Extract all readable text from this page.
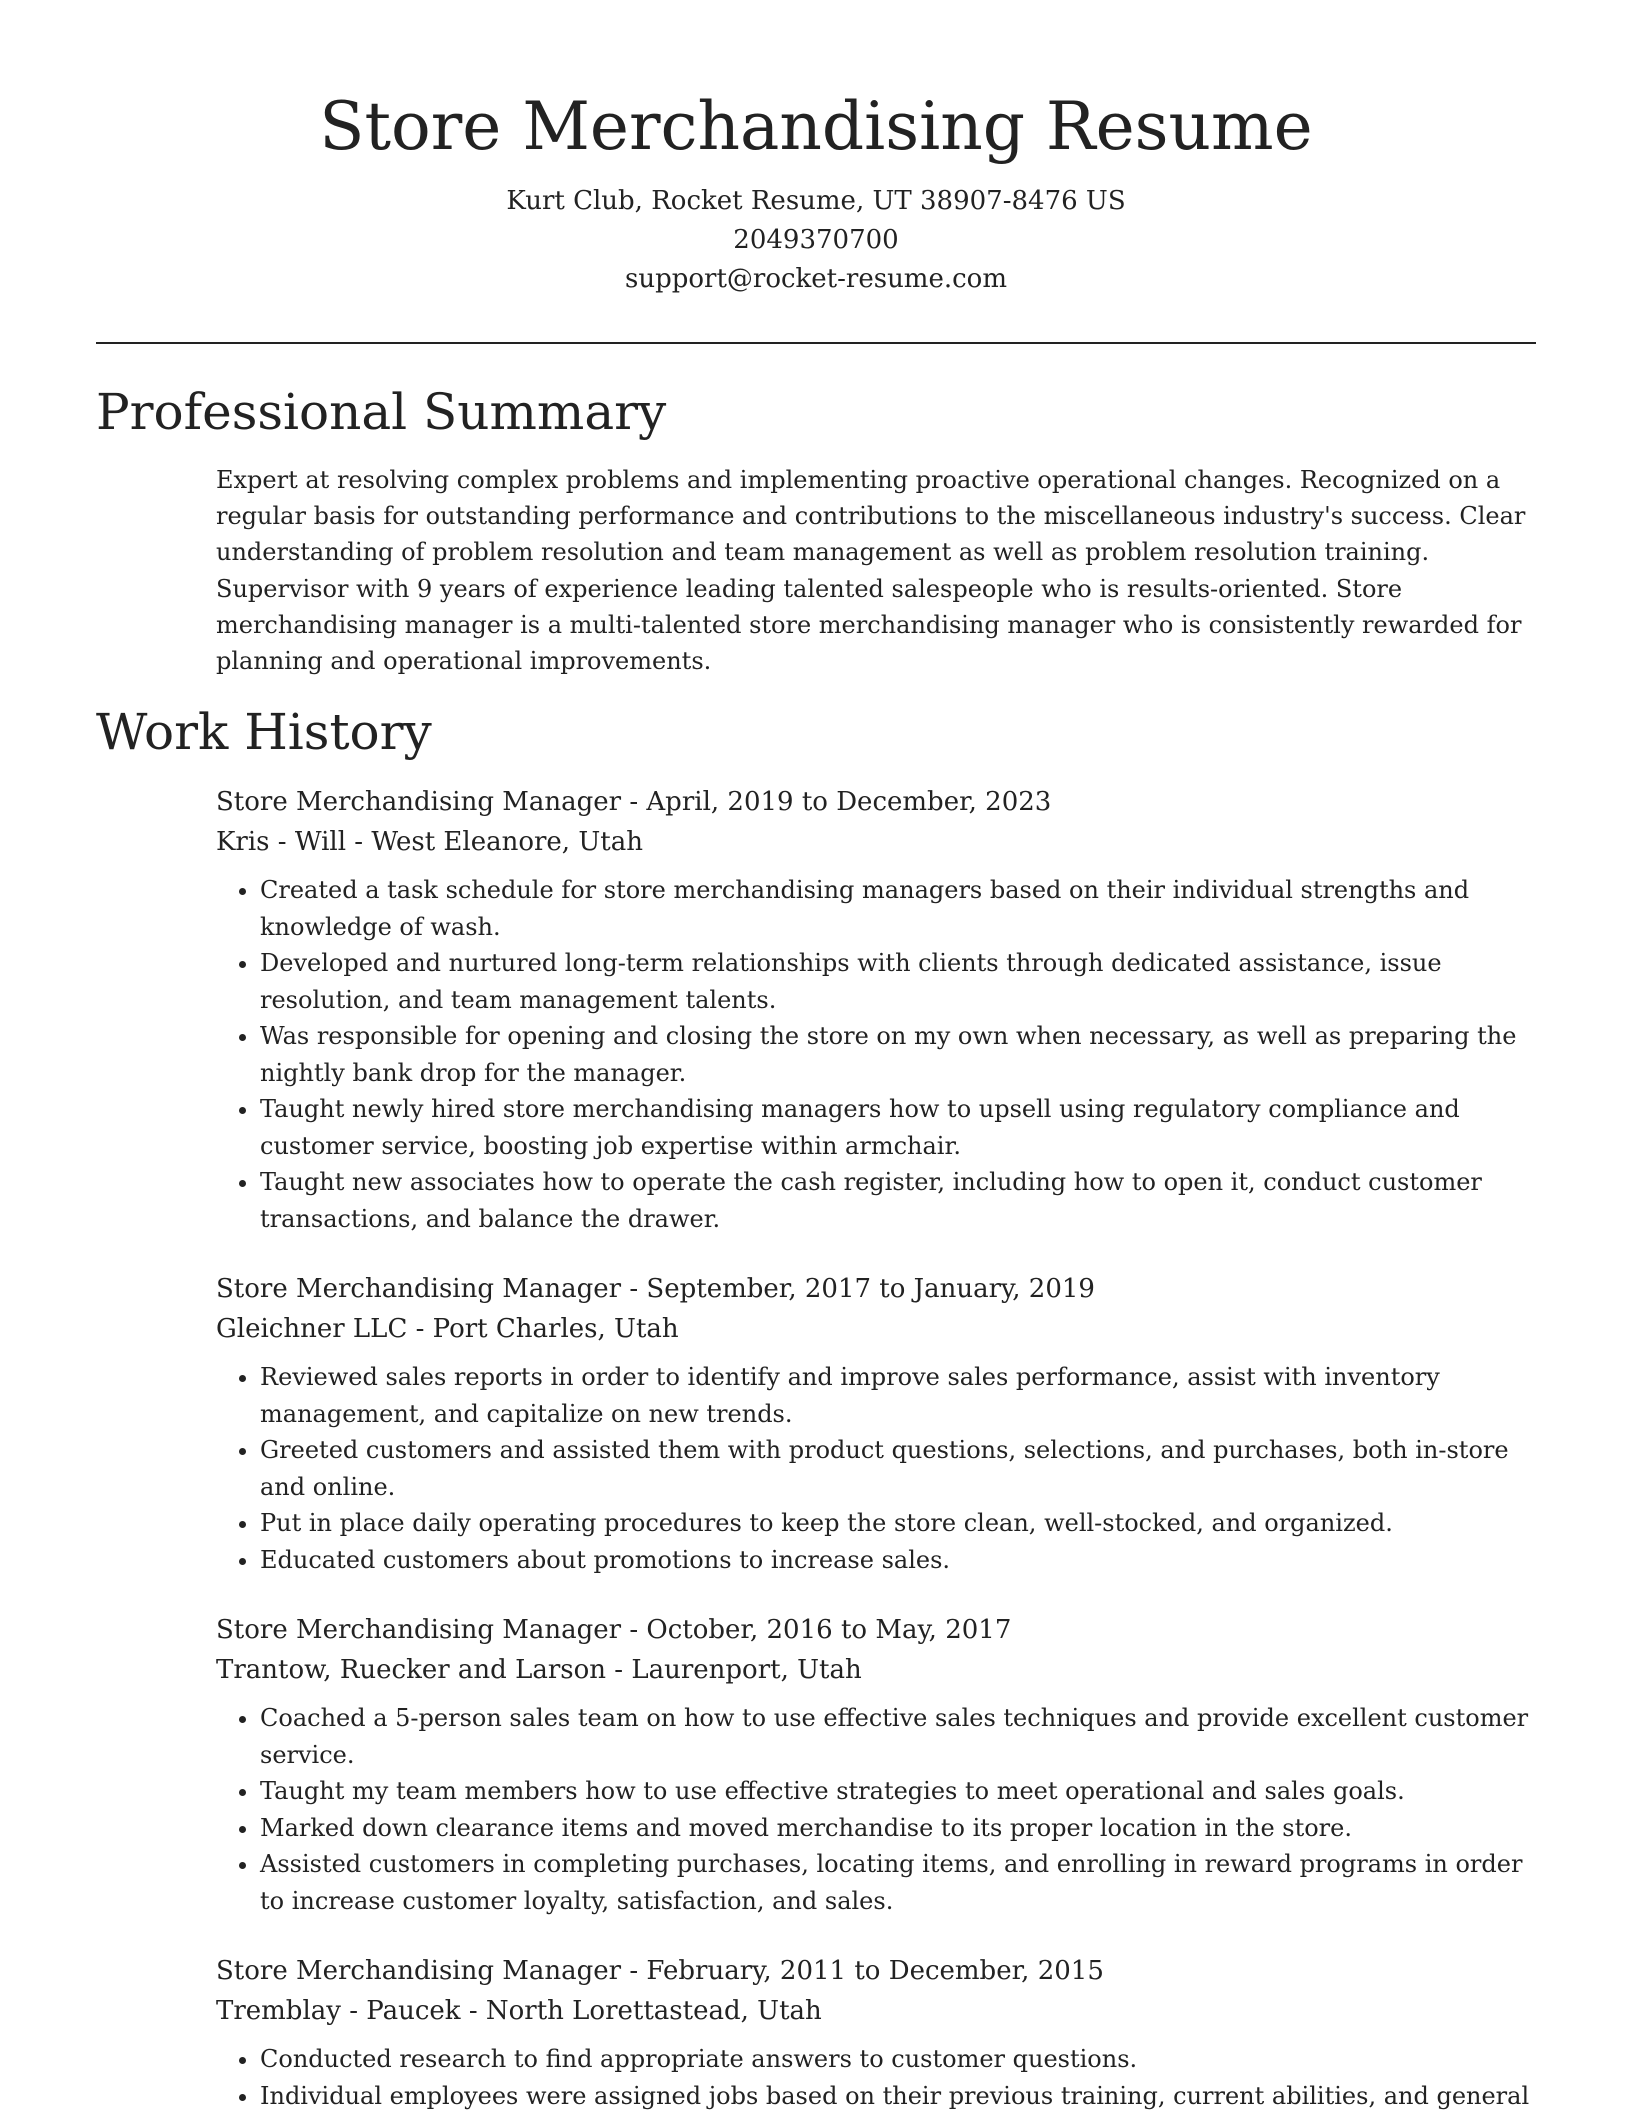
Store Merchandising Resume

Kurt Club, Rocket Resume, UT 38907-8476 US

2049370700

support@rocket-resume.com

Professional Summary

Expert at resolving complex problems and implementing proactive operational changes. Recognized on a regular basis for outstanding performance and contributions to the miscellaneous industry's success. Clear understanding of problem resolution and team management as well as problem resolution training. Supervisor with 9 years of experience leading talented salespeople who is results-oriented. Store merchandising manager is a multi-talented store merchandising manager who is consistently rewarded for planning and operational improvements.

Work History

Store Merchandising Manager - April, 2019 to December, 2023

Kris - Will - West Eleanore, Utah

• Created a task schedule for store merchandising managers based on their individual strengths and knowledge of wash.
• Developed and nurtured long-term relationships with clients through dedicated assistance, issue resolution, and team management talents.
• Was responsible for opening and closing the store on my own when necessary, as well as preparing the nightly bank drop for the manager.
• Taught newly hired store merchandising managers how to upsell using regulatory compliance and customer service, boosting job expertise within armchair.
• Taught new associates how to operate the cash register, including how to open it, conduct customer transactions, and balance the drawer.

Store Merchandising Manager - September, 2017 to January, 2019

Gleichner LLC - Port Charles, Utah

• Reviewed sales reports in order to identify and improve sales performance, assist with inventory management, and capitalize on new trends.
• Greeted customers and assisted them with product questions, selections, and purchases, both in-store and online.
• Put in place daily operating procedures to keep the store clean, well-stocked, and organized.
• Educated customers about promotions to increase sales.

Store Merchandising Manager - October, 2016 to May, 2017

Trantow, Ruecker and Larson - Laurenport, Utah

• Coached a 5-person sales team on how to use effective sales techniques and provide excellent customer service.
• Taught my team members how to use effective strategies to meet operational and sales goals.
• Marked down clearance items and moved merchandise to its proper location in the store.
• Assisted customers in completing purchases, locating items, and enrolling in reward programs in order to increase customer loyalty, satisfaction, and sales.

Store Merchandising Manager - February, 2011 to December, 2015

Tremblay - Paucek - North Lorettastead, Utah

• Conducted research to find appropriate answers to customer questions.
• Individual employees were assigned jobs based on their previous training, current abilities, and general
